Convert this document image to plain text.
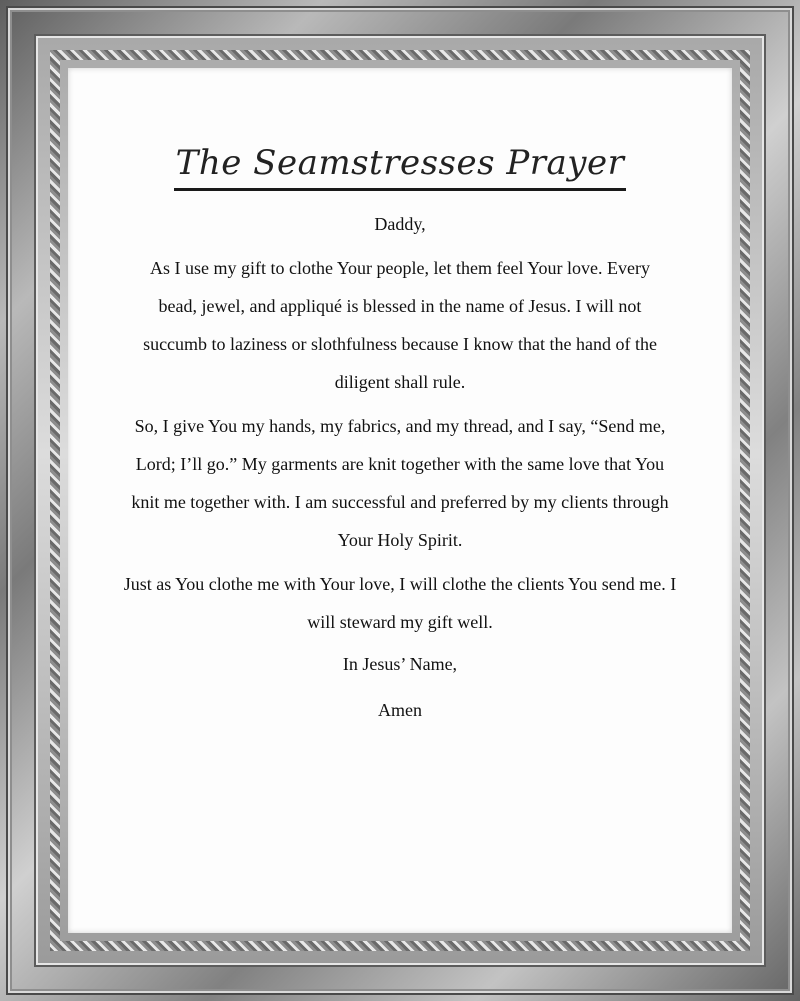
The Seamstresses Prayer

Daddy,

As I use my gift to clothe Your people, let them feel Your love. Every bead, jewel, and appliqué is blessed in the name of Jesus. I will not succumb to laziness or slothfulness because I know that the hand of the diligent shall rule.

So, I give You my hands, my fabrics, and my thread, and I say, “Send me, Lord; I’ll go.” My garments are knit together with the same love that You knit me together with. I am successful and preferred by my clients through Your Holy Spirit.

Just as You clothe me with Your love, I will clothe the clients You send me. I will steward my gift well.

In Jesus’ Name,

Amen
